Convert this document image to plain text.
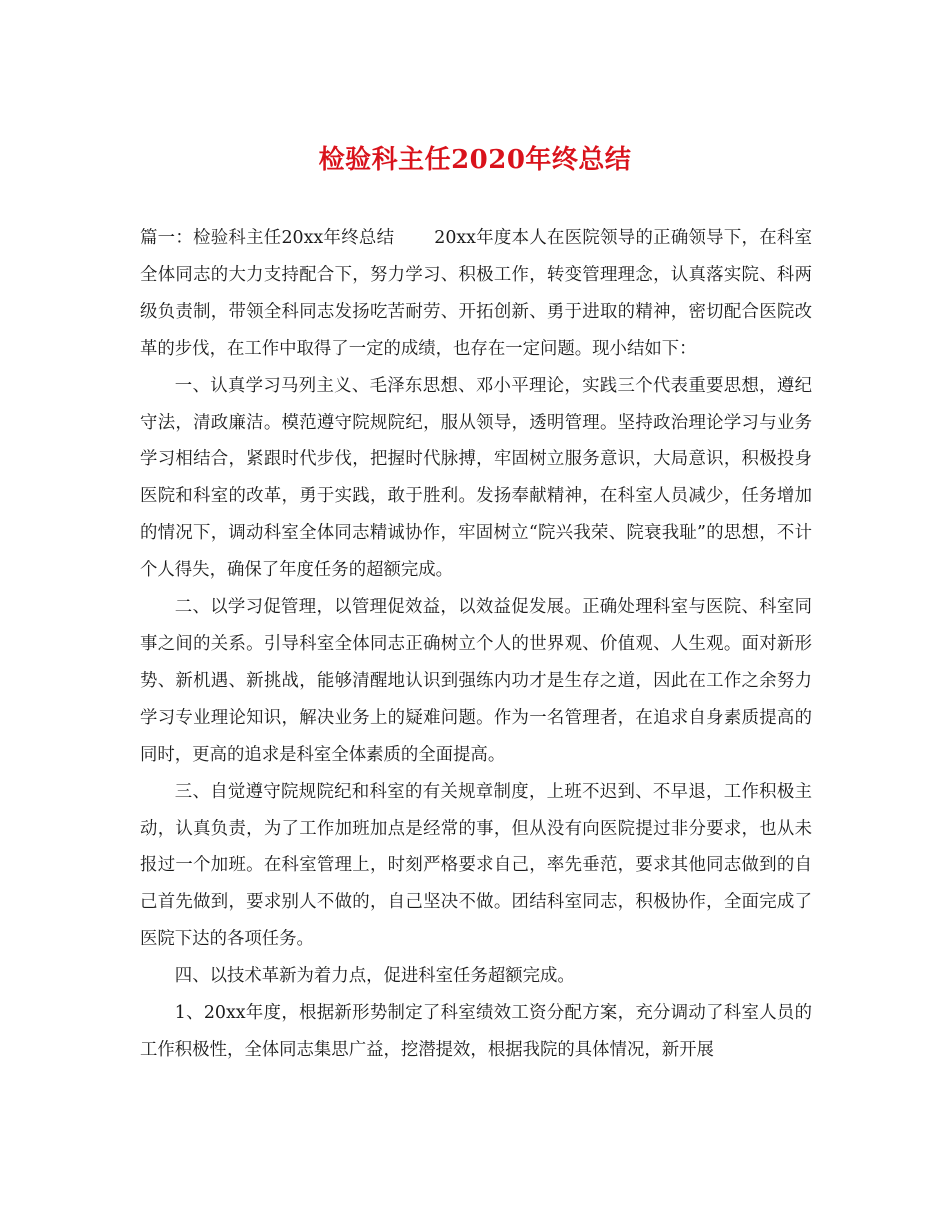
检验科主任2020年终总结

篇一：检验科主任20xx年终总结 20xx年度本人在医院领导的正确领导下，在科室全体同志的大力支持配合下，努力学习、积极工作，转变管理理念，认真落实院、科两级负责制，带领全科同志发扬吃苦耐劳、开拓创新、勇于进取的精神，密切配合医院改革的步伐，在工作中取得了一定的成绩，也存在一定问题。现小结如下：

一、认真学习马列主义、毛泽东思想、邓小平理论，实践三个代表重要思想，遵纪守法，清政廉洁。模范遵守院规院纪，服从领导，透明管理。坚持政治理论学习与业务学习相结合，紧跟时代步伐，把握时代脉搏，牢固树立服务意识，大局意识，积极投身医院和科室的改革，勇于实践，敢于胜利。发扬奉献精神，在科室人员减少，任务增加的情况下，调动科室全体同志精诚协作，牢固树立“院兴我荣、院衰我耻”的思想，不计个人得失，确保了年度任务的超额完成。

二、以学习促管理，以管理促效益，以效益促发展。正确处理科室与医院、科室同事之间的关系。引导科室全体同志正确树立个人的世界观、价值观、人生观。面对新形势、新机遇、新挑战，能够清醒地认识到强练内功才是生存之道，因此在工作之余努力学习专业理论知识，解决业务上的疑难问题。作为一名管理者，在追求自身素质提高的同时，更高的追求是科室全体素质的全面提高。

三、自觉遵守院规院纪和科室的有关规章制度，上班不迟到、不早退，工作积极主动，认真负责，为了工作加班加点是经常的事，但从没有向医院提过非分要求，也从未报过一个加班。在科室管理上，时刻严格要求自己，率先垂范，要求其他同志做到的自己首先做到，要求别人不做的，自己坚决不做。团结科室同志，积极协作，全面完成了医院下达的各项任务。

四、以技术革新为着力点，促进科室任务超额完成。

1、20xx年度，根据新形势制定了科室绩效工资分配方案，充分调动了科室人员的工作积极性，全体同志集思广益，挖潜提效，根据我院的具体情况，新开展
